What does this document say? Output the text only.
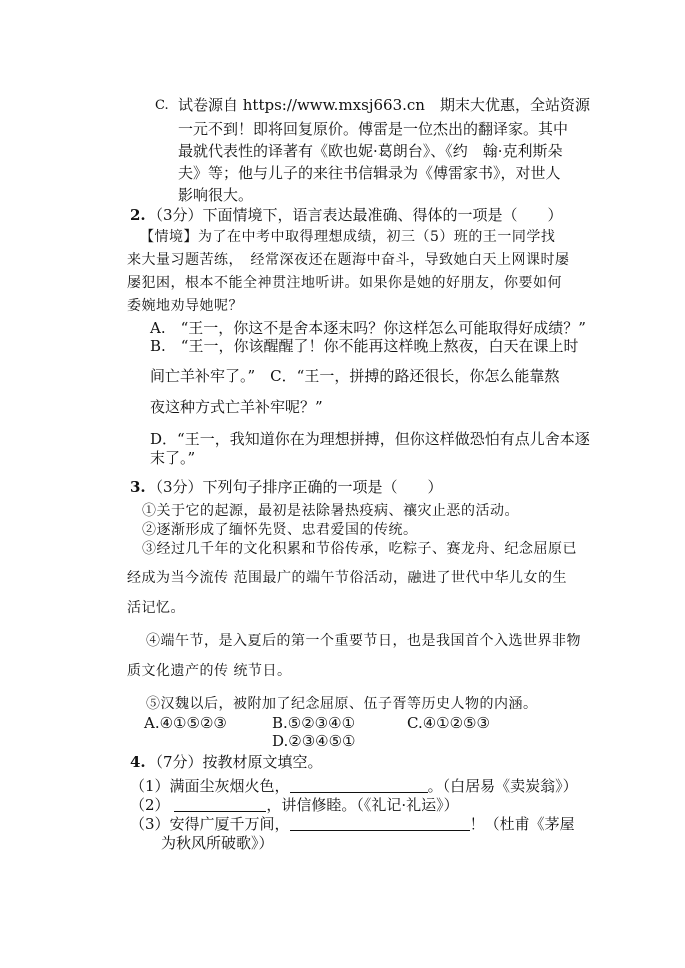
C. 试卷源自 https://www.mxsj663.cn　期末大优惠，全站资源
一元不到！即将回复原价。傅雷是一位杰出的翻译家。其中
最就代表性的译著有《欧也妮·葛朗台》、《约　翰·克利斯朵
夫》等；他与儿子的来往书信辑录为《傅雷家书》，对世人
影响很大。
2. （3分）下面情境下，语言表达最准确、得体的一项是（　　）
【情境】为了在中考中取得理想成绩，初三（5）班的王一同学找
来大量习题苦练，　经常深夜还在题海中奋斗，导致她白天上网课时屡
屡犯困，根本不能全神贯注地听讲。如果你是她的好朋友，你要如何
委婉地劝导她呢？
A.　“王一，你这不是舍本逐末吗？你这样怎么可能取得好成绩？”
B.　“王一，你该醒醒了！你不能再这样晚上熬夜，白天在课上时
间亡羊补牢了。”　C．“王一，拼搏的路还很长，你怎么能靠熬
夜这种方式亡羊补牢呢？”
D．“王一，我知道你在为理想拼搏，但你这样做恐怕有点儿舍本逐
末了。”
3. （3分）下列句子排序正确的一项是（　　）
①关于它的起源，最初是祛除暑热疫病、禳灾止恶的活动。
②逐渐形成了缅怀先贤、忠君爱国的传统。
③经过几千年的文化积累和节俗传承，吃粽子、赛龙舟、纪念屈原已
经成为当今流传 范围最广的端午节俗活动，融进了世代中华儿女的生
活记忆。
④端午节，是入夏后的第一个重要节日，也是我国首个入选世界非物
质文化遗产的传 统节日。
⑤汉魏以后，被附加了纪念屈原、伍子胥等历史人物的内涵。
A.④①⑤②③	B.⑤②③④①	C.④①②⑤③
D.②③④⑤①
4. （7分）按教材原文填空。
（1）满面尘灰烟火色，	。（白居易《卖炭翁》）
（2）	，讲信修睦。（《礼记·礼运》）
（3）安得广厦千万间，	！（杜甫《茅屋
为秋风所破歌》）
